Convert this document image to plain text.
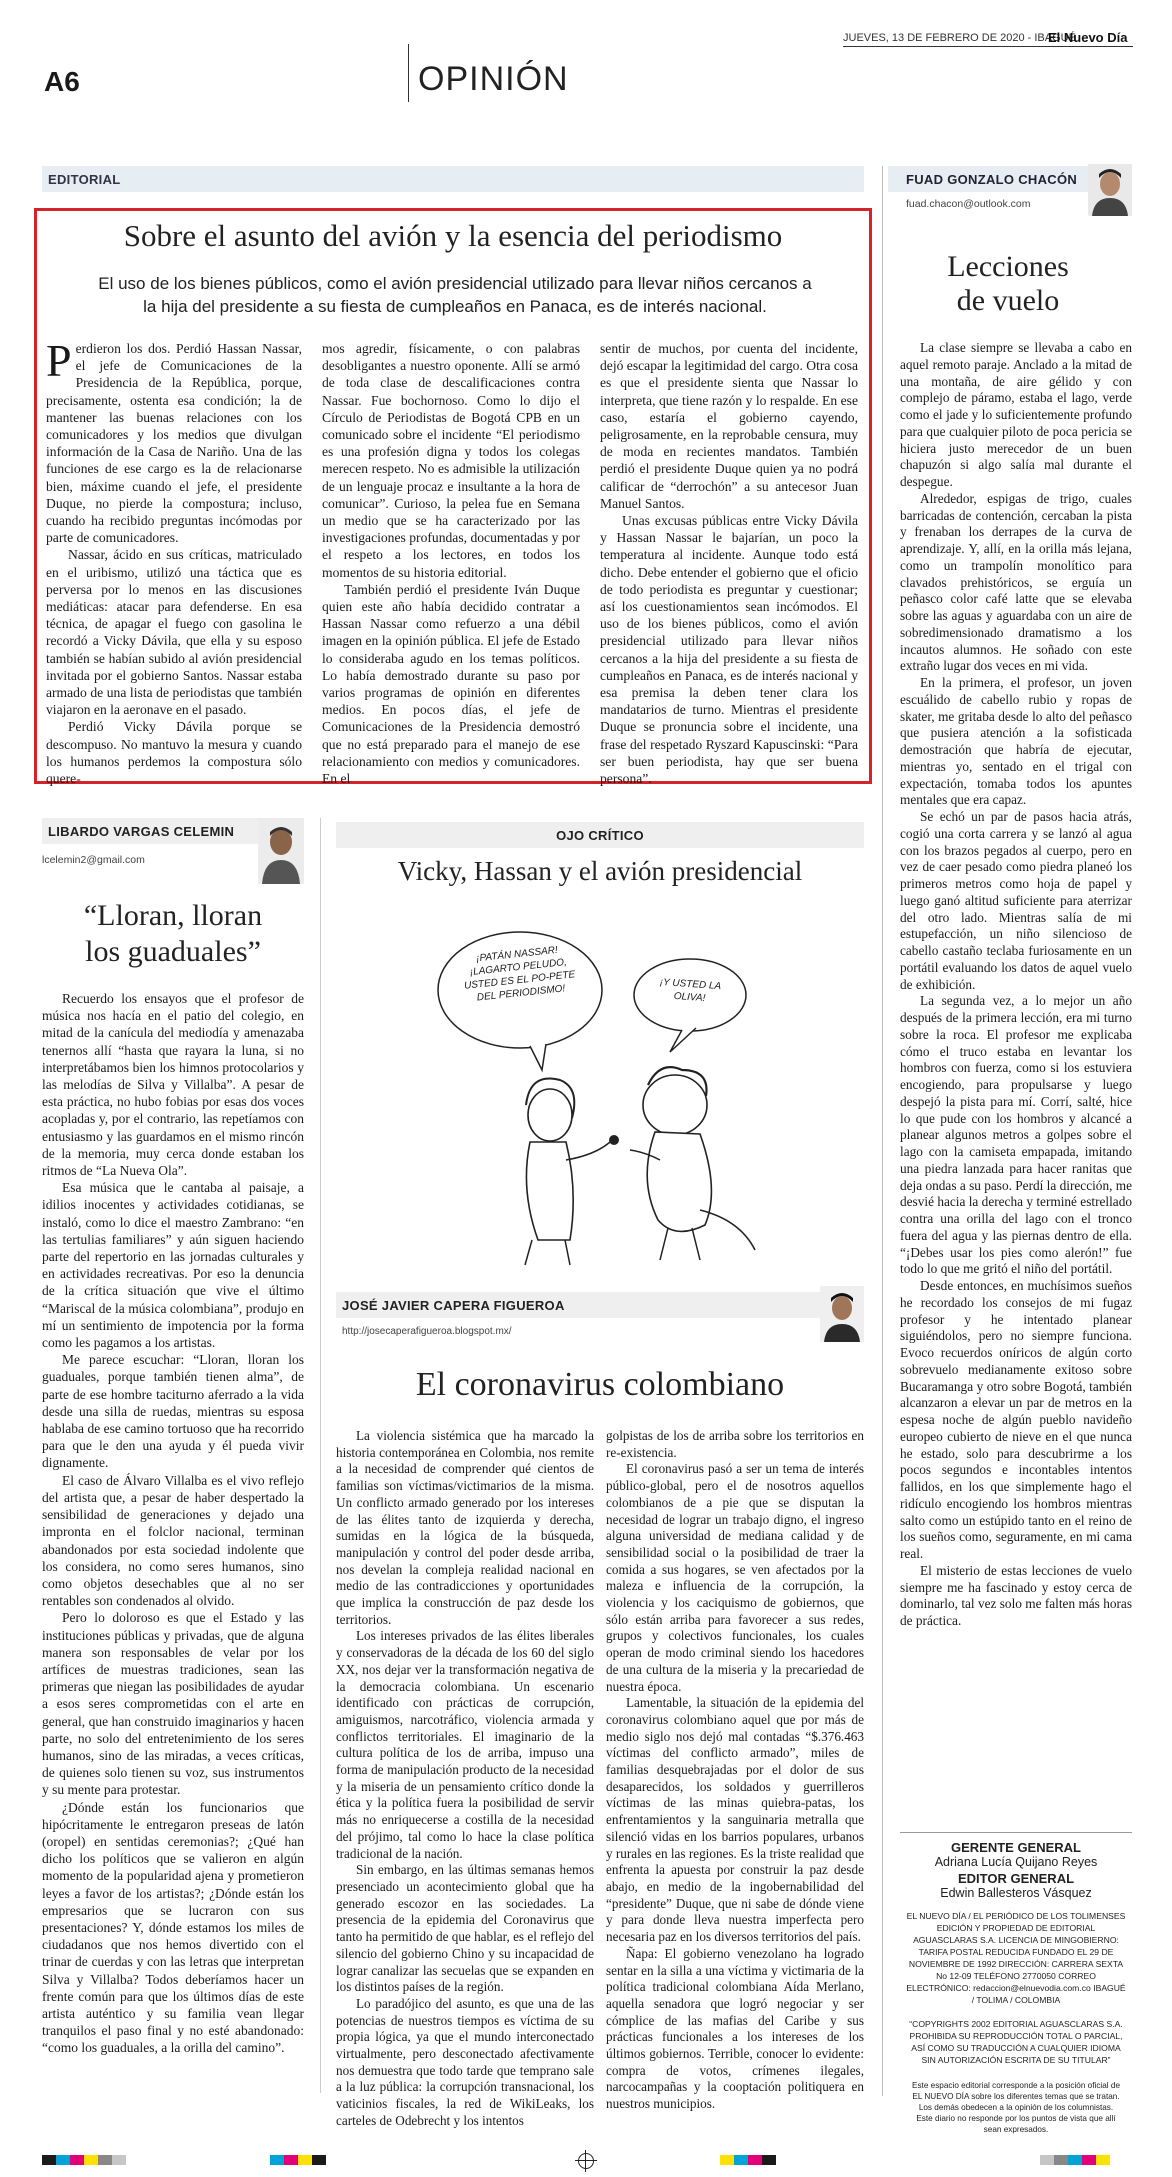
A6	OPINIÓN
JUEVES, 13 DE FEBRERO DE 2020 - IBAGUÉ
El Nuevo Día
EDITORIAL
Sobre el asunto del avión y la esencia del periodismo
El uso de los bienes públicos, como el avión presidencial utilizado para llevar niños cercanos a la hija del presidente a su fiesta de cumpleaños en Panaca, es de interés nacional.

Perdieron los dos. Perdió Hassan Nassar, el jefe de Comunicaciones de la Presidencia de la República, porque, precisamente, ostenta esa condición; la de mantener las buenas relaciones con los comunicadores y los medios que divulgan información de la Casa de Nariño. Una de las funciones de ese cargo es la de relacionarse bien, máxime cuando el jefe, el presidente Duque, no pierde la compostura; incluso, cuando ha recibido preguntas incómodas por parte de comunicadores.

Nassar, ácido en sus críticas, matriculado en el uribismo, utilizó una táctica que es perversa por lo menos en las discusiones mediáticas: atacar para defenderse. En esa técnica, de apagar el fuego con gasolina le recordó a Vicky Dávila, que ella y su esposo también se habían subido al avión presidencial invitada por el gobierno Santos. Nassar estaba armado de una lista de periodistas que también viajaron en la aeronave en el pasado.

Perdió Vicky Dávila porque se descompuso. No mantuvo la mesura y cuando los humanos perdemos la compostura sólo quere-

mos agredir, físicamente, o con palabras desobligantes a nuestro oponente. Allí se armó de toda clase de descalificaciones contra Nassar. Fue bochornoso. Como lo dijo el Círculo de Periodistas de Bogotá CPB en un comunicado sobre el incidente “El periodismo es una profesión digna y todos los colegas merecen respeto. No es admisible la utilización de un lenguaje procaz e insultante a la hora de comunicar”. Curioso, la pelea fue en Semana un medio que se ha caracterizado por las investigaciones profundas, documentadas y por el respeto a los lectores, en todos los momentos de su historia editorial.

También perdió el presidente Iván Duque quien este año había decidido contratar a Hassan Nassar como refuerzo a una débil imagen en la opinión pública. El jefe de Estado lo consideraba agudo en los temas políticos. Lo había demostrado durante su paso por varios programas de opinión en diferentes medios. En pocos días, el jefe de Comunicaciones de la Presidencia demostró que no está preparado para el manejo de ese relacionamiento con medios y comunicadores. En el

sentir de muchos, por cuenta del incidente, dejó escapar la legitimidad del cargo. Otra cosa es que el presidente sienta que Nassar lo interpreta, que tiene razón y lo respalde. En ese caso, estaría el gobierno cayendo, peligrosamente, en la reprobable censura, muy de moda en recientes mandatos. También perdió el presidente Duque quien ya no podrá calificar de “derrochón” a su antecesor Juan Manuel Santos.

Unas excusas públicas entre Vicky Dávila y Hassan Nassar le bajarían, un poco la temperatura al incidente. Aunque todo está dicho. Debe entender el gobierno que el oficio de todo periodista es preguntar y cuestionar; así los cuestionamientos sean incómodos. El uso de los bienes públicos, como el avión presidencial utilizado para llevar niños cercanos a la hija del presidente a su fiesta de cumpleaños en Panaca, es de interés nacional y esa premisa la deben tener clara los mandatarios de turno. Mientras el presidente Duque se pronuncia sobre el incidente, una frase del respetado Ryszard Kapuscinski: “Para ser buen periodista, hay que ser buena persona”.

FUAD GONZALO CHACÓN
fuad.chacon@outlook.com
Lecciones
de vuelo

La clase siempre se llevaba a cabo en aquel remoto paraje. Anclado a la mitad de una montaña, de aire gélido y con complejo de páramo, estaba el lago, verde como el jade y lo suficientemente profundo para que cualquier piloto de poca pericia se hiciera justo merecedor de un buen chapuzón si algo salía mal durante el despegue.

Alrededor, espigas de trigo, cuales barricadas de contención, cercaban la pista y frenaban los derrapes de la curva de aprendizaje. Y, allí, en la orilla más lejana, como un trampolín monolítico para clavados prehistóricos, se erguía un peñasco color café latte que se elevaba sobre las aguas y aguardaba con un aire de sobredimensionado dramatismo a los incautos alumnos. He soñado con este extraño lugar dos veces en mi vida.

En la primera, el profesor, un joven escuálido de cabello rubio y ropas de skater, me gritaba desde lo alto del peñasco que pusiera atención a la sofisticada demostración que habría de ejecutar, mientras yo, sentado en el trigal con expectación, tomaba todos los apuntes mentales que era capaz.

Se echó un par de pasos hacia atrás, cogió una corta carrera y se lanzó al agua con los brazos pegados al cuerpo, pero en vez de caer pesado como piedra planeó los primeros metros como hoja de papel y luego ganó altitud suficiente para aterrizar del otro lado. Mientras salía de mi estupefacción, un niño silencioso de cabello castaño teclaba furiosamente en un portátil evaluando los datos de aquel vuelo de exhibición.

La segunda vez, a lo mejor un año después de la primera lección, era mi turno sobre la roca. El profesor me explicaba cómo el truco estaba en levantar los hombros con fuerza, como si los estuviera encogiendo, para propulsarse y luego despejó la pista para mí. Corrí, salté, hice lo que pude con los hombros y alcancé a planear algunos metros a golpes sobre el lago con la camiseta empapada, imitando una piedra lanzada para hacer ranitas que deja ondas a su paso. Perdí la dirección, me desvié hacia la derecha y terminé estrellado contra una orilla del lago con el tronco fuera del agua y las piernas dentro de ella. “¡Debes usar los pies como alerón!” fue todo lo que me gritó el niño del portátil.

Desde entonces, en muchísimos sueños he recordado los consejos de mi fugaz profesor y he intentado planear siguiéndolos, pero no siempre funciona. Evoco recuerdos oníricos de algún corto sobrevuelo medianamente exitoso sobre Bucaramanga y otro sobre Bogotá, también alcanzaron a elevar un par de metros en la espesa noche de algún pueblo navideño europeo cubierto de nieve en el que nunca he estado, solo para descubrirme a los pocos segundos e incontables intentos fallidos, en los que simplemente hago el ridículo encogiendo los hombros mientras salto como un estúpido tanto en el reino de los sueños como, seguramente, en mi cama real.

El misterio de estas lecciones de vuelo siempre me ha fascinado y estoy cerca de dominarlo, tal vez solo me falten más horas de práctica.

LIBARDO VARGAS CELEMIN
lcelemin2@gmail.com
“Lloran, lloran
los guaduales”

Recuerdo los ensayos que el profesor de música nos hacía en el patio del colegio, en mitad de la canícula del mediodía y amenazaba tenernos allí “hasta que rayara la luna, si no interpretábamos bien los himnos protocolarios y las melodías de Silva y Villalba”. A pesar de esta práctica, no hubo fobias por esas dos voces acopladas y, por el contrario, las repetíamos con entusiasmo y las guardamos en el mismo rincón de la memoria, muy cerca donde estaban los ritmos de “La Nueva Ola”.

Esa música que le cantaba al paisaje, a idilios inocentes y actividades cotidianas, se instaló, como lo dice el maestro Zambrano: “en las tertulias familiares” y aún siguen haciendo parte del repertorio en las jornadas culturales y en actividades recreativas. Por eso la denuncia de la crítica situación que vive el último “Mariscal de la música colombiana”, produjo en mí un sentimiento de impotencia por la forma como les pagamos a los artistas.

Me parece escuchar: “Lloran, lloran los guaduales, porque también tienen alma”, de parte de ese hombre taciturno aferrado a la vida desde una silla de ruedas, mientras su esposa hablaba de ese camino tortuoso que ha recorrido para que le den una ayuda y él pueda vivir dignamente.

El caso de Álvaro Villalba es el vivo reflejo del artista que, a pesar de haber despertado la sensibilidad de generaciones y dejado una impronta en el folclor nacional, terminan abandonados por esta sociedad indolente que los considera, no como seres humanos, sino como objetos desechables que al no ser rentables son condenados al olvido.

Pero lo doloroso es que el Estado y las instituciones públicas y privadas, que de alguna manera son responsables de velar por los artífices de muestras tradiciones, sean las primeras que niegan las posibilidades de ayudar a esos seres comprometidas con el arte en general, que han construido imaginarios y hacen parte, no solo del entretenimiento de los seres humanos, sino de las miradas, a veces críticas, de quienes solo tienen su voz, sus instrumentos y su mente para protestar.

¿Dónde están los funcionarios que hipócritamente le entregaron preseas de latón (oropel) en sentidas ceremonias?; ¿Qué han dicho los políticos que se valieron en algún momento de la popularidad ajena y prometieron leyes a favor de los artistas?; ¿Dónde están los empresarios que se lucraron con sus presentaciones? Y, dónde estamos los miles de ciudadanos que nos hemos divertido con el trinar de cuerdas y con las letras que interpretan Silva y Villalba? Todos deberíamos hacer un frente común para que los últimos días de este artista auténtico y su familia vean llegar tranquilos el paso final y no esté abandonado: “como los guaduales, a la orilla del camino”.

OJO CRÍTICO
Vicky, Hassan y el avión presidencial
¡PATÁN NASSAR! ¡LAGARTO PELUDO, USTED ES EL PO-PETE DEL PERIODISMO!	¡Y USTED LA OLIVA!
JOSÉ JAVIER CAPERA FIGUEROA
http://josecaperafigueroa.blogspot.mx/
El coronavirus colombiano

La violencia sistémica que ha marcado la historia contemporánea en Colombia, nos remite a la necesidad de comprender qué cientos de familias son víctimas/victimarios de la misma. Un conflicto armado generado por los intereses de las élites tanto de izquierda y derecha, sumidas en la lógica de la búsqueda, manipulación y control del poder desde arriba, nos develan la compleja realidad nacional en medio de las contradicciones y oportunidades que implica la construcción de paz desde los territorios.

Los intereses privados de las élites liberales y conservadoras de la década de los 60 del siglo XX, nos dejar ver la transformación negativa de la democracia colombiana. Un escenario identificado con prácticas de corrupción, amiguismos, narcotráfico, violencia armada y conflictos territoriales. El imaginario de la cultura política de los de arriba, impuso una forma de manipulación producto de la necesidad y la miseria de un pensamiento crítico donde la ética y la política fuera la posibilidad de servir más no enriquecerse a costilla de la necesidad del prójimo, tal como lo hace la clase política tradicional de la nación.

Sin embargo, en las últimas semanas hemos presenciado un acontecimiento global que ha generado escozor en las sociedades. La presencia de la epidemia del Coronavirus que tanto ha permitido de que hablar, es el reflejo del silencio del gobierno Chino y su incapacidad de lograr canalizar las secuelas que se expanden en los distintos países de la región.

Lo paradójico del asunto, es que una de las potencias de nuestros tiempos es víctima de su propia lógica, ya que el mundo interconectado virtualmente, pero desconectado afectivamente nos demuestra que todo tarde que temprano sale a la luz pública: la corrupción transnacional, los vaticinios fiscales, la red de WikiLeaks, los carteles de Odebrecht y los intentos

golpistas de los de arriba sobre los territorios en re-existencia.

El coronavirus pasó a ser un tema de interés público-global, pero el de nosotros aquellos colombianos de a pie que se disputan la necesidad de lograr un trabajo digno, el ingreso alguna universidad de mediana calidad y de sensibilidad social o la posibilidad de traer la comida a sus hogares, se ven afectados por la maleza e influencia de la corrupción, la violencia y los caciquismo de gobiernos, que sólo están arriba para favorecer a sus redes, grupos y colectivos funcionales, los cuales operan de modo criminal siendo los hacedores de una cultura de la miseria y la precariedad de nuestra época.

Lamentable, la situación de la epidemia del coronavirus colombiano aquel que por más de medio siglo nos dejó mal contadas “$.376.463 víctimas del conflicto armado”, miles de familias desquebrajadas por el dolor de sus desaparecidos, los soldados y guerrilleros víctimas de las minas quiebra-patas, los enfrentamientos y la sanguinaria metralla que silenció vidas en los barrios populares, urbanos y rurales en las regiones. Es la triste realidad que enfrenta la apuesta por construir la paz desde abajo, en medio de la ingobernabilidad del “presidente” Duque, que ni sabe de dónde viene y para donde lleva nuestra imperfecta pero necesaria paz en los diversos territorios del país.

Ñapa: El gobierno venezolano ha logrado sentar en la silla a una víctima y victimaria de la política tradicional colombiana Aída Merlano, aquella senadora que logró negociar y ser cómplice de las mafias del Caribe y sus prácticas funcionales a los intereses de los últimos gobiernos. Terrible, conocer lo evidente: compra de votos, crímenes ilegales, narcocampañas y la cooptación politiquera en nuestros municipios.

GERENTE GENERAL
Adriana Lucía Quijano Reyes
EDITOR GENERAL
Edwin Ballesteros Vásquez
EL NUEVO DÍA / EL PERIÓDICO DE LOS TOLIMENSES EDICIÓN Y PROPIEDAD DE EDITORIAL AGUASCLARAS S.A. LICENCIA DE MINGOBIERNO: TARIFA POSTAL REDUCIDA FUNDADO EL 29 DE NOVIEMBRE DE 1992 DIRECCIÓN: CARRERA SEXTA No 12-09 TELÉFONO 2770050 CORREO ELECTRÓNICO: redaccion@elnuevodia.com.co IBAGUÉ / TOLIMA / COLOMBIA
“COPYRIGHTS 2002 EDITORIAL AGUASCLARAS S.A. PROHIBIDA SU REPRODUCCIÓN TOTAL O PARCIAL, ASÍ COMO SU TRADUCCIÓN A CUALQUIER IDIOMA SIN AUTORIZACIÓN ESCRITA DE SU TITULAR”
Este espacio editorial corresponde a la posición oficial de EL NUEVO DÍA sobre los diferentes temas que se tratan. Los demás obedecen a la opinión de los columnistas. Este diario no responde por los puntos de vista que allí sean expresados.
